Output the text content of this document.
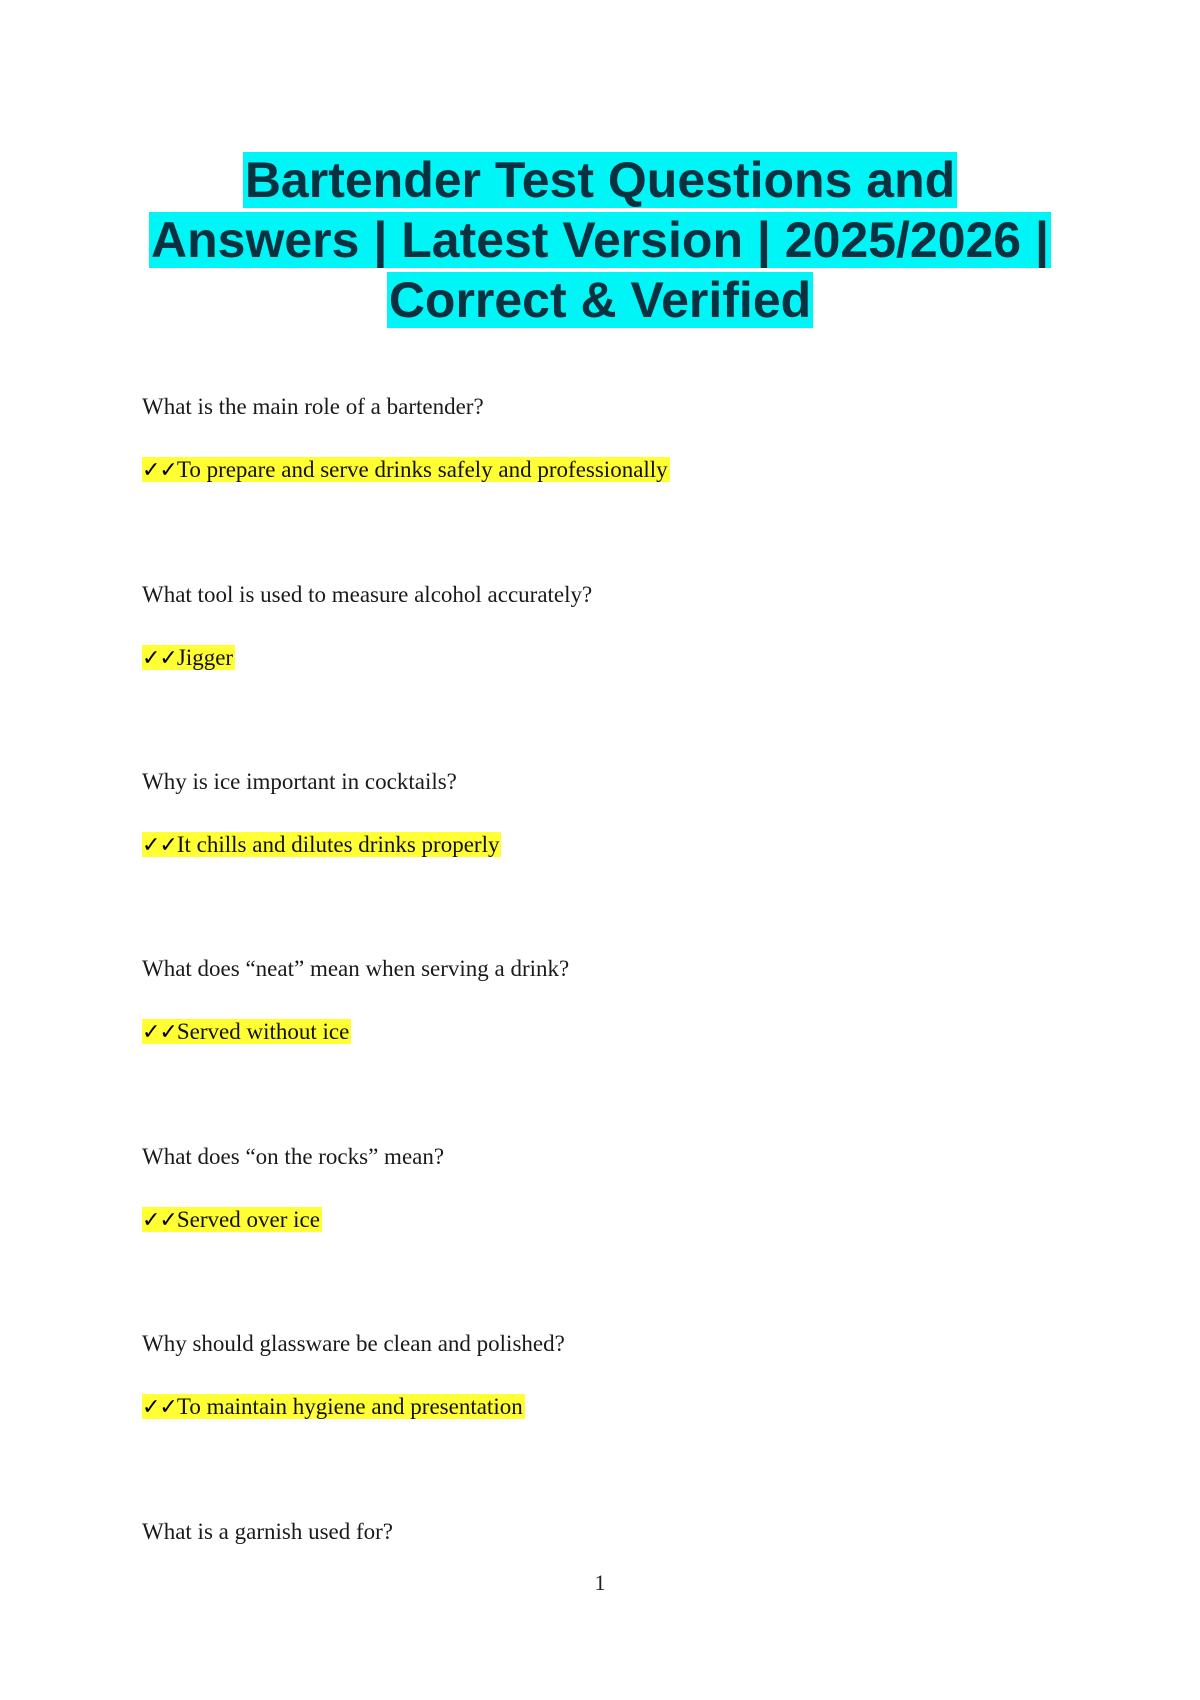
Bartender Test Questions and
Answers | Latest Version | 2025/2026 |
Correct & Verified
What is the main role of a bartender?
✓✓To prepare and serve drinks safely and professionally
What tool is used to measure alcohol accurately?
✓✓Jigger
Why is ice important in cocktails?
✓✓It chills and dilutes drinks properly
What does “neat” mean when serving a drink?
✓✓Served without ice
What does “on the rocks” mean?
✓✓Served over ice
Why should glassware be clean and polished?
✓✓To maintain hygiene and presentation
What is a garnish used for?
1
